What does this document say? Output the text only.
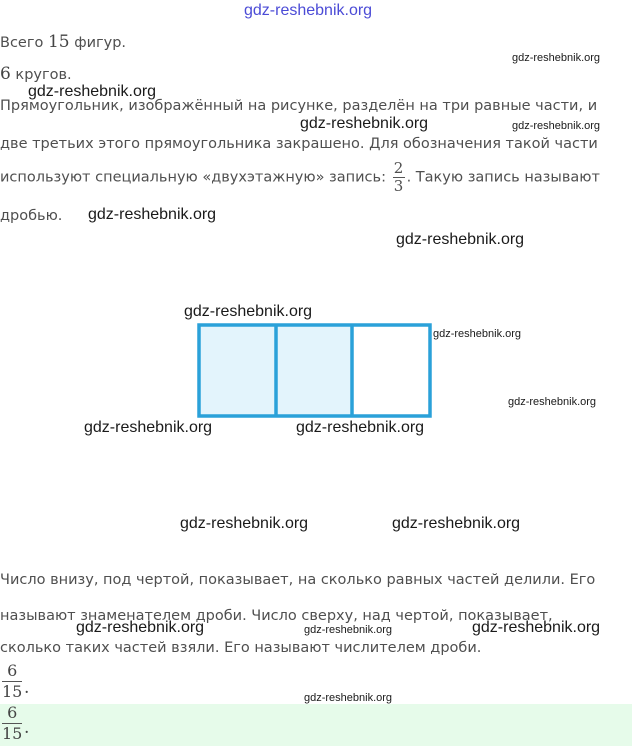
gdz-reshebnik.org
Всего 15 фигур.
6 кругов.
Прямоугольник, изображённый на рисунке, разделён на три равные части, и
две третьих этого прямоугольника закрашено. Для обозначения такой части
используют специальную «двухэтажную» запись: $\frac{2}{3}$ . Такую запись называют
дробью.
Число внизу, под чертой, показывает, на сколько равных частей делили. Его
называют знаменателем дроби. Число сверху, над чертой, показывает,
сколько таких частей взяли. Его называют числителем дроби.
6
15 .
6
15 .
gdz-reshebnik.org
gdz-reshebnik.org
gdz-reshebnik.org	gdz-reshebnik.org
gdz-reshebnik.org
gdz-reshebnik.org
gdz-reshebnik.org
gdz-reshebnik.org
gdz-reshebnik.org
gdz-reshebnik.org	gdz-reshebnik.org
gdz-reshebnik.org	gdz-reshebnik.org
gdz-reshebnik.org	gdz-reshebnik.org	gdz-reshebnik.org
gdz-reshebnik.org
